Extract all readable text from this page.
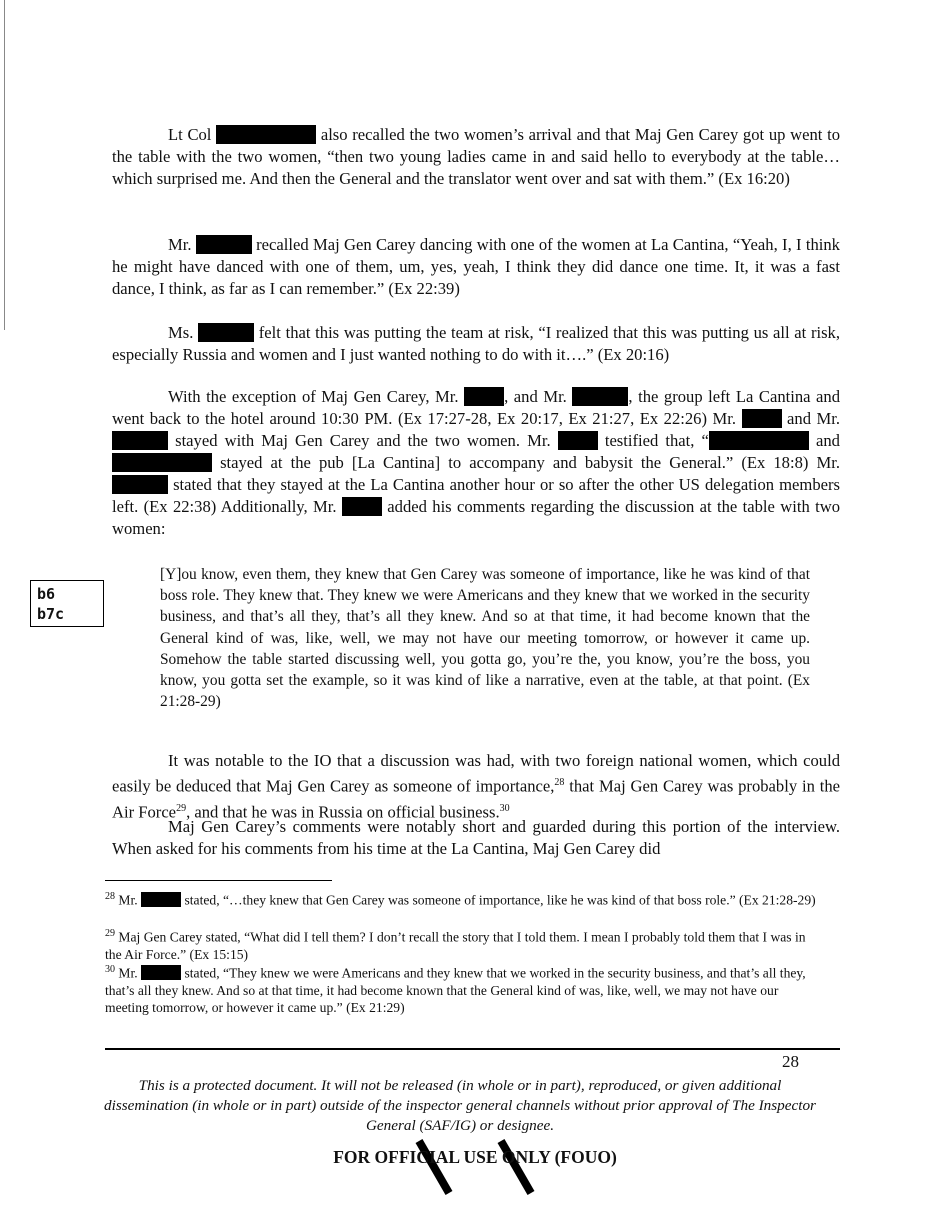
Lt Col	also recalled the two women’s arrival and that Maj Gen Carey got up went to the table with the two women, “then two young ladies came in and said hello to everybody at the table… which surprised me. And then the General and the translator went over and sat with them.” (Ex 16:20)
Mr.	recalled Maj Gen Carey dancing with one of the women at La Cantina, “Yeah, I, I think he might have danced with one of them, um, yes, yeah, I think they did dance one time. It, it was a fast dance, I think, as far as I can remember.” (Ex 22:39)
Ms.	felt that this was putting the team at risk, “I realized that this was putting us all at risk, especially Russia and women and I just wanted nothing to do with it….” (Ex 20:16)
With the exception of Maj Gen Carey, Mr.	, and Mr.	, the group left La Cantina and went back to the hotel around 10:30 PM. (Ex 17:27-28, Ex 20:17, Ex 21:27, Ex 22:26) Mr.	and Mr.  stayed with Maj Gen Carey and the two women. Mr.	testified that, “	and  stayed at the pub [La Cantina] to accompany and babysit the General.” (Ex 18:8) Mr.  stated that they stayed at the La Cantina another hour or so after the other US delegation members left. (Ex 22:38) Additionally, Mr.	added his comments regarding the discussion at the table with two women:
b6
b7c
[Y]ou know, even them, they knew that Gen Carey was someone of importance, like he was kind of that boss role. They knew that. They knew we were Americans and they knew that we worked in the security business, and that’s all they, that’s all they knew. And so at that time, it had become known that the General kind of was, like, well, we may not have our meeting tomorrow, or however it came up. Somehow the table started discussing well, you gotta go, you’re the, you know, you’re the boss, you know, you gotta set the example, so it was kind of like a narrative, even at the table, at that point. (Ex 21:28-29)
It was notable to the IO that a discussion was had, with two foreign national women, which could easily be deduced that Maj Gen Carey as someone of importance,$^{28}$ that Maj Gen Carey was probably in the Air Force$^{29}$, and that he was in Russia on official business.$^{30}$
Maj Gen Carey’s comments were notably short and guarded during this portion of the interview. When asked for his comments from his time at the La Cantina, Maj Gen Carey did
$^{28}$ Mr.	stated, “…they knew that Gen Carey was someone of importance, like he was kind of that boss role.” (Ex 21:28-29)
$^{29}$ Maj Gen Carey stated, “What did I tell them? I don’t recall the story that I told them. I mean I probably told them that I was in the Air Force.” (Ex 15:15)
$^{30}$ Mr.	stated, “They knew we were Americans and they knew that we worked in the security business, and that’s all they, that’s all they knew. And so at that time, it had become known that the General kind of was, like, well, we may not have our meeting tomorrow, or however it came up.” (Ex 21:29)
28
This is a protected document. It will not be released (in whole or in part), reproduced, or given additional dissemination (in whole or in part) outside of the inspector general channels without prior approval of The Inspector General (SAF/IG) or designee.
FOR OFFICIAL USE ONLY (FOUO)
